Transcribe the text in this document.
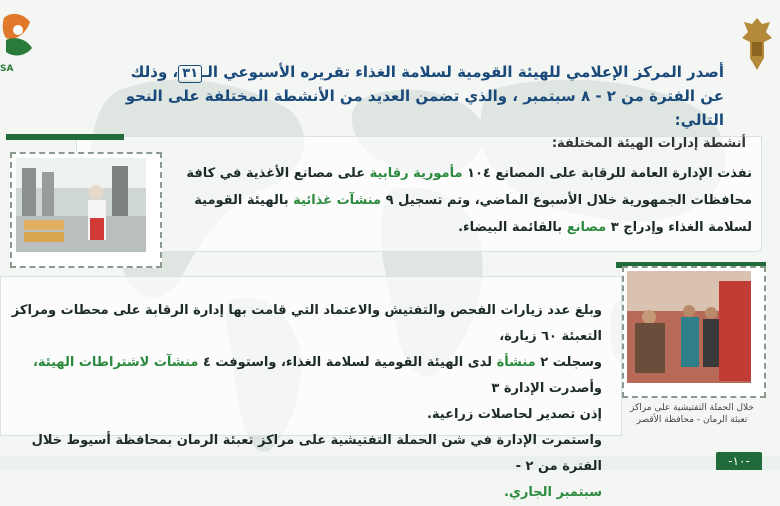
SA	أصدر المركز الإعلامي للهيئة القومية لسلامة الغذاء تقريره الأسبوعي الـ٣١، وذلك
عن الفترة من ٢ - ٨ سبتمبر ، والذي تضمن العديد من الأنشطة المختلفة على النحو التالي:
أنشطة إدارات الهيئة المختلفة:
نفذت الإدارة العامة للرقابة على المصانع ١٠٤ مأمورية رقابية على مصانع الأغذية في كافة محافظات الجمهورية خلال الأسبوع الماضي، وتم تسجيل ٩ منشآت غذائية بالهيئة القومية لسلامة الغذاء وإدراج ٣ مصانع بالقائمة البيضاء.
خلال الحملة التفتيشية على مراكز تعبئة الرمان - محافظة الأقصر
وبلغ عدد زيارات الفحص والتفتيش والاعتماد التي قامت بها إدارة الرقابة على محطات ومراكز التعبئة ٦٠ زيارة،
وسجلت ٢ منشأة لدى الهيئة القومية لسلامة الغذاء، واستوفت ٤ منشآت لاشتراطات الهيئة، وأصدرت الإدارة ٣
إذن تصدير لحاصلات زراعية.
واستمرت الإدارة في شن الحملة التفتيشية على مراكز تعبئة الرمان بمحافظة أسيوط خلال الفترة من ٢ -
سبتمبر الجاري.
-١٠-
